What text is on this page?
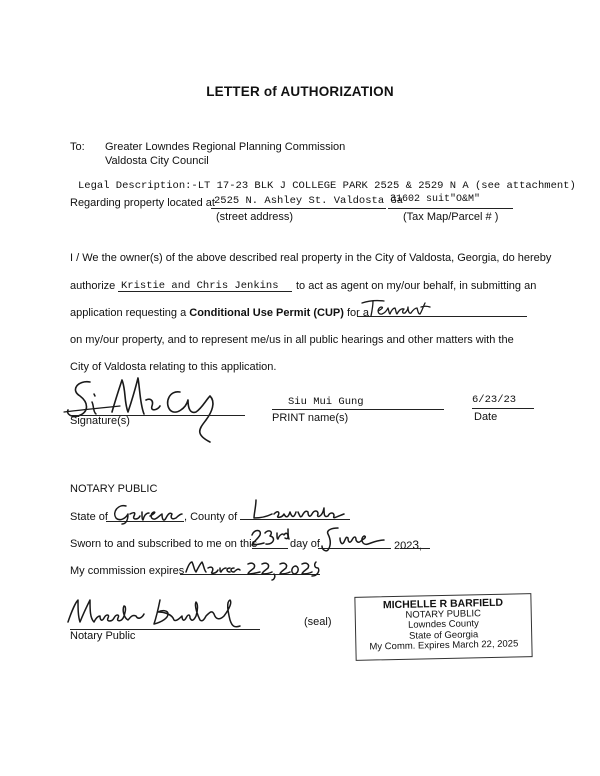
LETTER of AUTHORIZATION
To: Greater Lowndes Regional Planning Commission
Valdosta City Council
Legal Description:-LT 17-23 BLK J COLLEGE PARK 2525 & 2529 N A (see attachment)
Regarding property located at 2525 N. Ashley St. Valdosta Ga
31602 suit"O&M"
(street address)	(Tax Map/Parcel # )
I / We the owner(s) of the above described real property in the City of Valdosta, Georgia, do hereby
authorize Kristie and Chris Jenkins to act as agent on my/our behalf, in submitting an
application requesting a Conditional Use Permit (CUP) for a
on my/our property, and to represent me/us in all public hearings and other matters with the
City of Valdosta relating to this application.
Signature(s)
Siu Mui Gung
PRINT name(s)
6/23/23
Date
NOTARY PUBLIC
State of	, County of
Sworn to and subscribed to me on this	day of	2023,
My commission expires
Notary Public
(seal)
MICHELLE R BARFIELD
NOTARY PUBLIC
Lowndes County
State of Georgia
My Comm. Expires March 22, 2025
